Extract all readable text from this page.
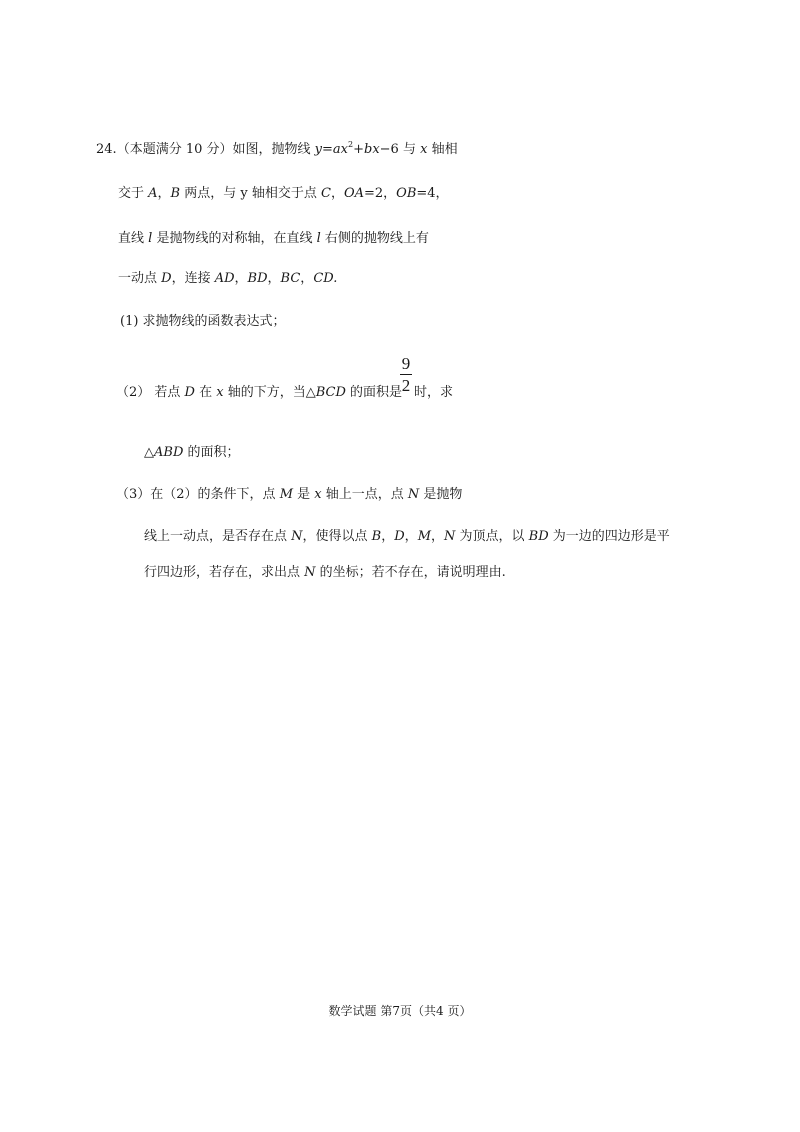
24.（本题满分 10 分）如图，抛物线 $y=ax^2+bx-6$ 与 x 轴相
交于 A，B 两点，与 y 轴相交于点 C，OA=2，OB=4，
直线 l 是抛物线的对称轴，在直线 l 右侧的抛物线上有
一动点 D，连接 AD，BD，BC，CD.
(1) 求抛物线的函数表达式；
（2） 若点 D 在 x 轴的下方，当△BCD 的面积是
9
2 时，求
△ABD 的面积；
（3）在（2）的条件下，点 M 是 x 轴上一点，点 N 是抛物
线上一动点，是否存在点 N，使得以点 B，D，M，N 为顶点，以 BD 为一边的四边形是平
行四边形，若存在，求出点 N 的坐标；若不存在，请说明理由.
数学试题 第7页（共4 页）
